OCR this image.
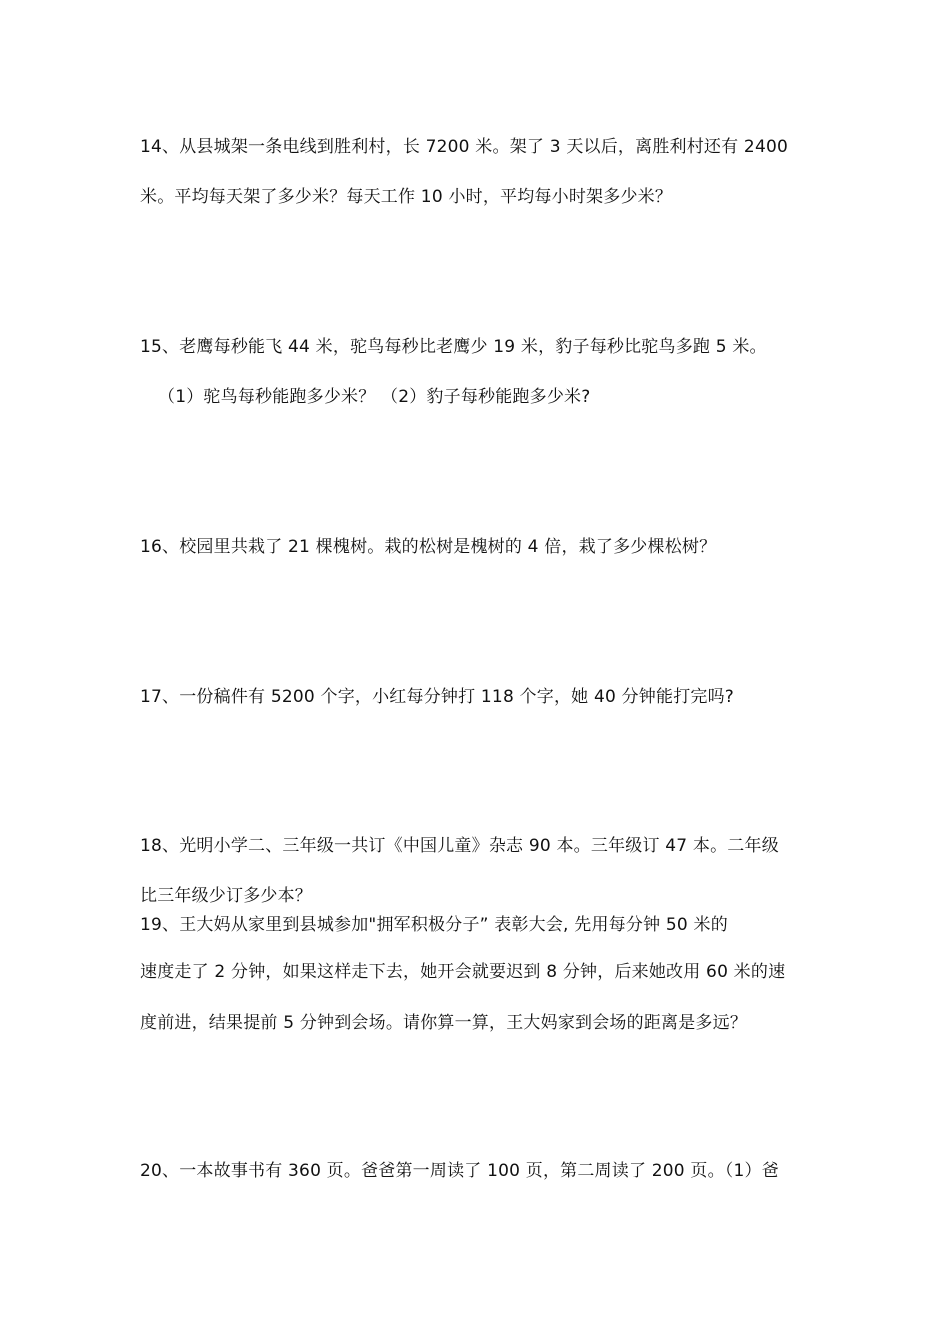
14、从县城架一条电线到胜利村，长 7200 米。架了 3 天以后，离胜利村还有 2400
米。平均每天架了多少米？每天工作 10 小时，平均每小时架多少米？
15、老鹰每秒能飞 44 米，驼鸟每秒比老鹰少 19 米，豹子每秒比驼鸟多跑 5 米。
（1）驼鸟每秒能跑多少米？ （2）豹子每秒能跑多少米?
16、校园里共栽了 21 棵槐树。栽的松树是槐树的 4 倍，栽了多少棵松树？
17、一份稿件有 5200 个字，小红每分钟打 118 个字，她 40 分钟能打完吗?
18、光明小学二、三年级一共订《中国儿童》杂志 90 本。三年级订 47 本。二年级
比三年级少订多少本？
19、王大妈从家里到县城参加"拥军积极分子” 表彰大会, 先用每分钟 50 米的
速度走了 2 分钟，如果这样走下去，她开会就要迟到 8 分钟，后来她改用 60 米的速
度前进，结果提前 5 分钟到会场。请你算一算，王大妈家到会场的距离是多远？
20、一本故事书有 360 页。爸爸第一周读了 100 页，第二周读了 200 页。（1）爸
